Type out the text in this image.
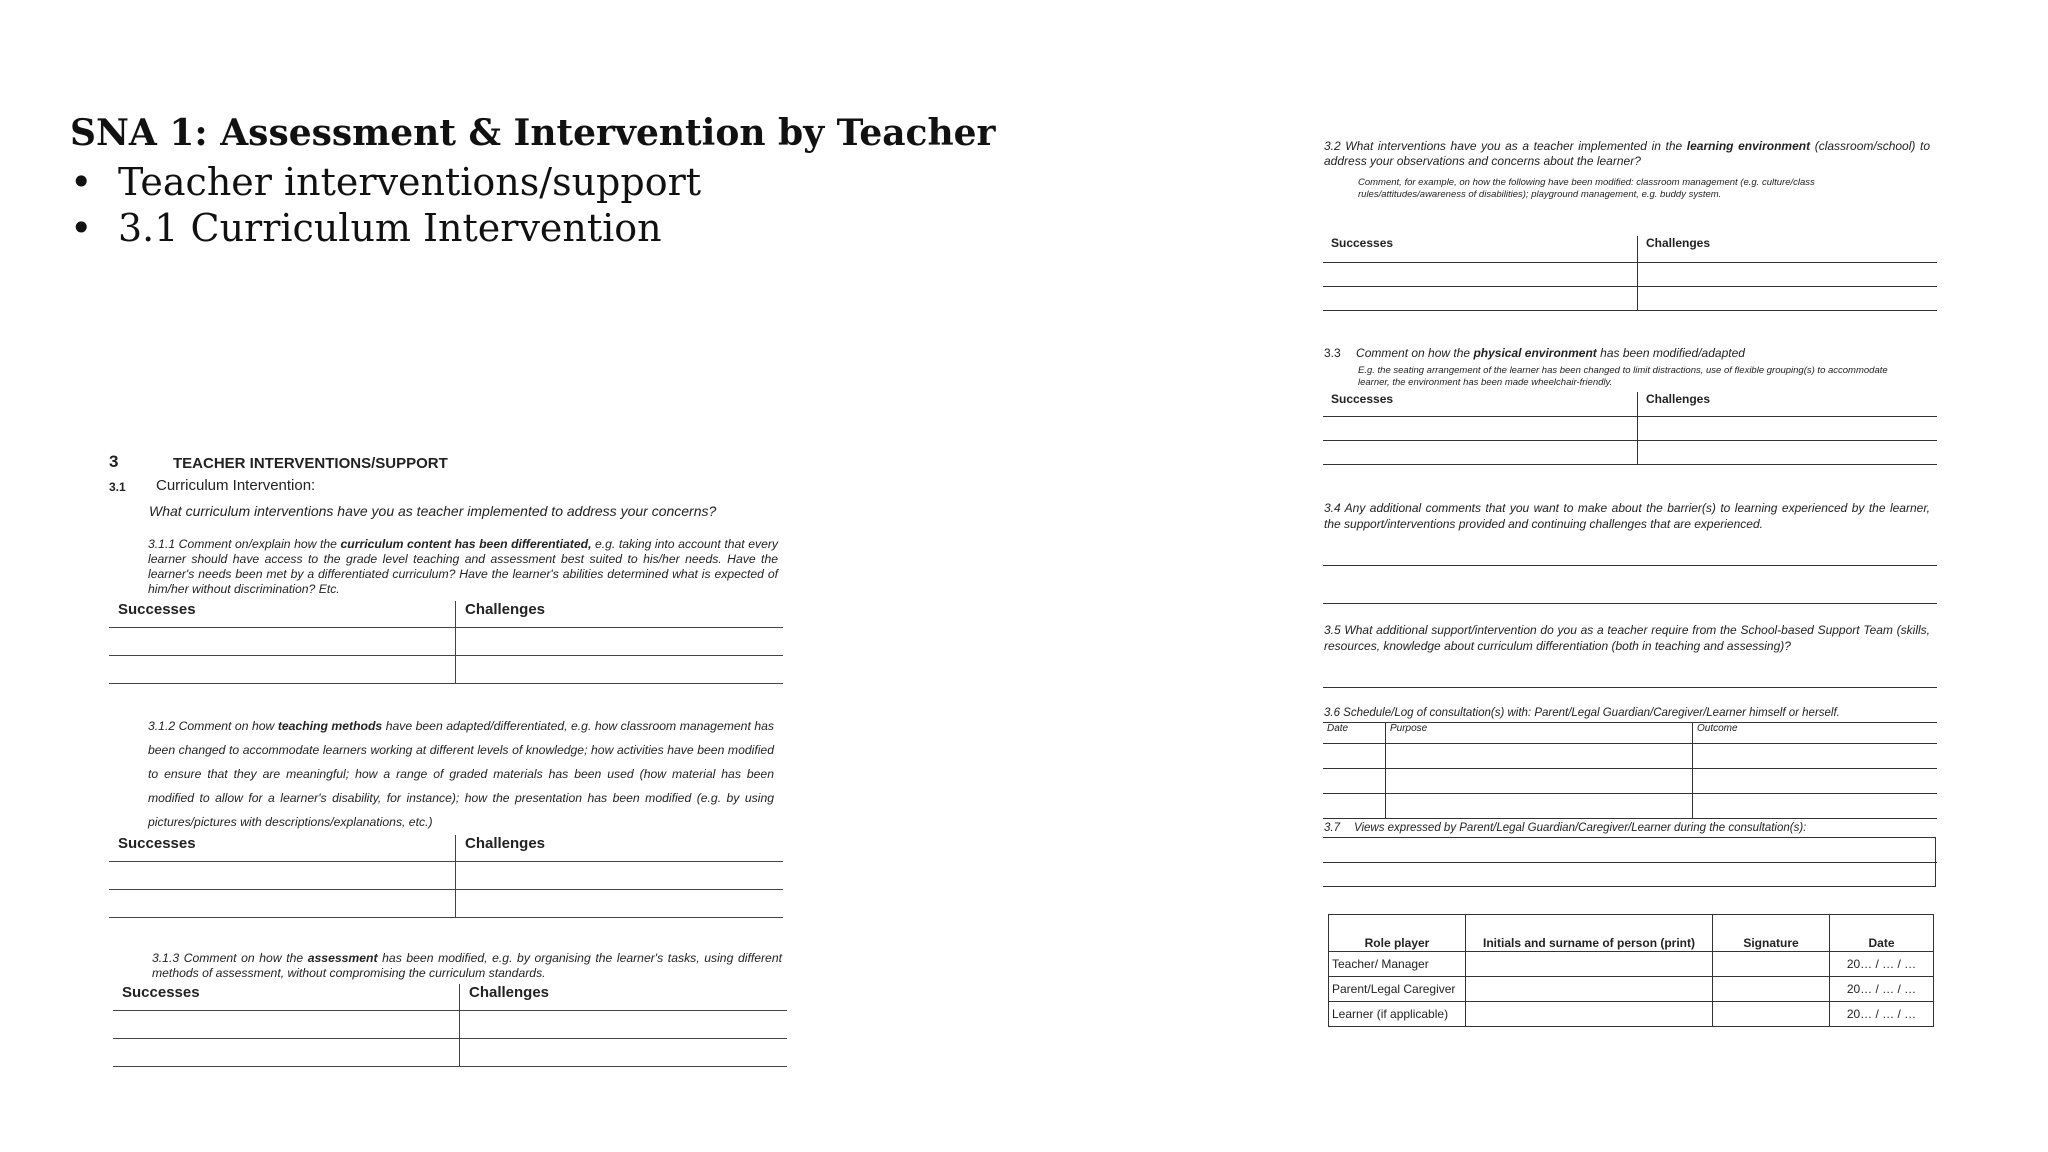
SNA 1: Assessment & Intervention by Teacher
• Teacher interventions/support
• 3.1 Curriculum Intervention
3	TEACHER INTERVENTIONS/SUPPORT
3.1 Curriculum Intervention:
What curriculum interventions have you as teacher implemented to address your concerns?
3.1.1 Comment on/explain how the curriculum content has been differentiated, e.g. taking into account that every learner should have access to the grade level teaching and assessment best suited to his/her needs. Have the learner's needs been met by a differentiated curriculum? Have the learner's abilities determined what is expected of him/her without discrimination? Etc.
Successes	Challenges

3.1.2 Comment on how teaching methods have been adapted/differentiated, e.g. how classroom management has been changed to accommodate learners working at different levels of knowledge; how activities have been modified to ensure that they are meaningful; how a range of graded materials has been used (how material has been modified to allow for a learner's disability, for instance); how the presentation has been modified (e.g. by using pictures/pictures with descriptions/explanations, etc.)
Successes	Challenges

3.1.3 Comment on how the assessment has been modified, e.g. by organising the learner's tasks, using different methods of assessment, without compromising the curriculum standards.
Successes	Challenges

3.2 What interventions have you as a teacher implemented in the learning environment (classroom/school) to address your observations and concerns about the learner?
Comment, for example, on how the following have been modified: classroom management (e.g. culture/class rules/attitudes/awareness of disabilities); playground management, e.g. buddy system.
Successes	Challenges

3.3 Comment on how the physical environment has been modified/adapted
E.g. the seating arrangement of the learner has been changed to limit distractions, use of flexible grouping(s) to accommodate learner, the environment has been made wheelchair-friendly.
Successes	Challenges

3.4 Any additional comments that you want to make about the barrier(s) to learning experienced by the learner, the support/interventions provided and continuing challenges that are experienced.
3.5 What additional support/intervention do you as a teacher require from the School-based Support Team (skills, resources, knowledge about curriculum differentiation (both in teaching and assessing)?
3.6 Schedule/Log of consultation(s) with: Parent/Legal Guardian/Caregiver/Learner himself or herself.
Date	Purpose	Outcome

3.7 Views expressed by Parent/Legal Guardian/Caregiver/Learner during the consultation(s):
Role player	Initials and surname of person (print)	Signature	Date
Teacher/ Manager			20… / … / …
Parent/Legal Caregiver			20… / … / …
Learner (if applicable)			20… / … / …
